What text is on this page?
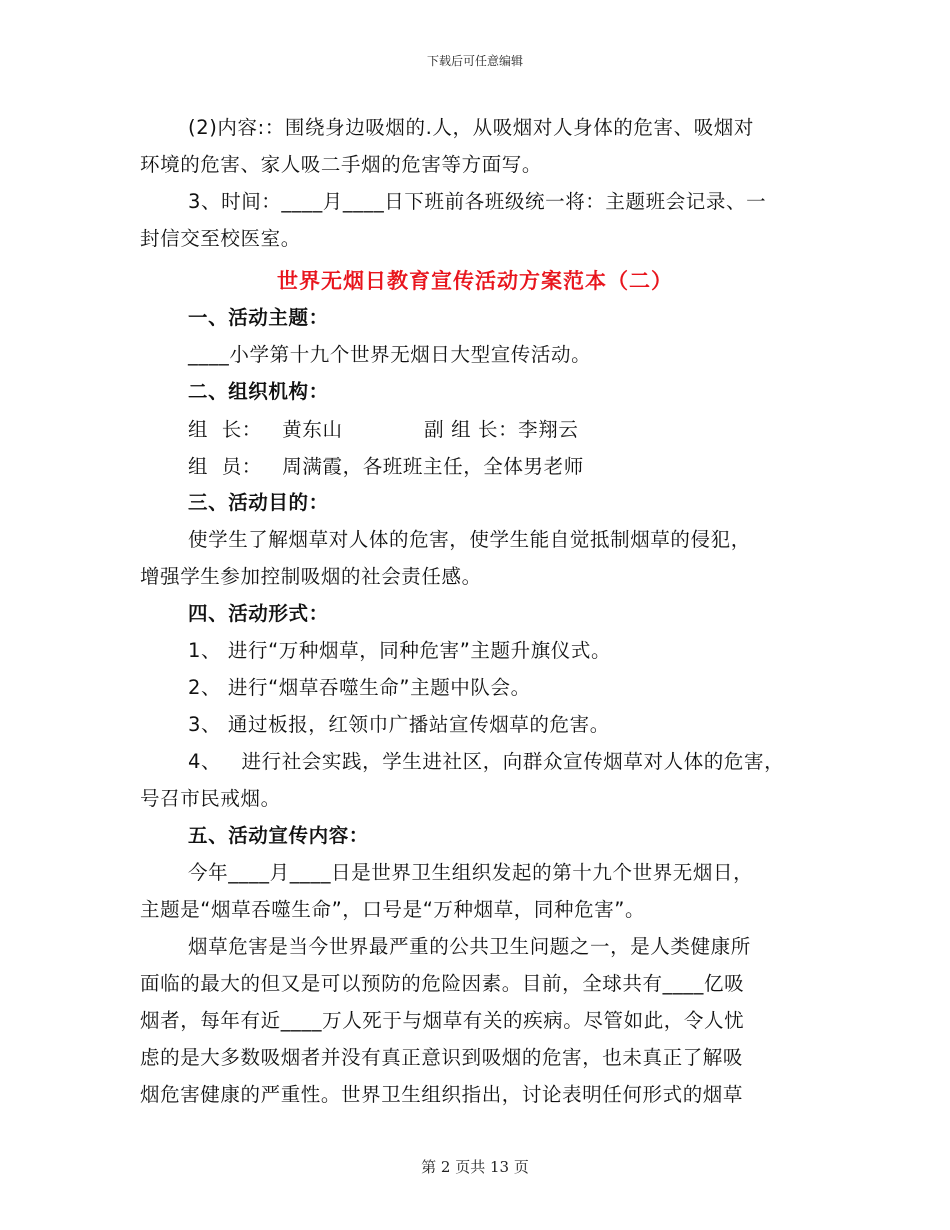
下载后可任意编辑
(2)内容:：围绕身边吸烟的.人，从吸烟对人身体的危害、吸烟对
环境的危害、家人吸二手烟的危害等方面写。
3、时间：____月____日下班前各班级统一将：主题班会记录、一
封信交至校医室。
世界无烟日教育宣传活动方案范本（二）
一、活动主题：
____小学第十九个世界无烟日大型宣传活动。
二、组织机构：
组  长：   黄东山            副 组 长：李翔云
组  员：   周满霞，各班班主任，全体男老师
三、活动目的：
使学生了解烟草对人体的危害，使学生能自觉抵制烟草的侵犯，
增强学生参加控制吸烟的社会责任感。
四、活动形式：
1、 进行“万种烟草，同种危害”主题升旗仪式。
2、 进行“烟草吞噬生命”主题中队会。
3、 通过板报，红领巾广播站宣传烟草的危害。
4、   进行社会实践，学生进社区，向群众宣传烟草对人体的危害，
号召市民戒烟。
五、活动宣传内容：
今年____月____日是世界卫生组织发起的第十九个世界无烟日，
主题是“烟草吞噬生命”，口号是“万种烟草，同种危害”。
烟草危害是当今世界最严重的公共卫生问题之一，是人类健康所
面临的最大的但又是可以预防的危险因素。目前，全球共有____亿吸
烟者，每年有近____万人死于与烟草有关的疾病。尽管如此，令人忧
虑的是大多数吸烟者并没有真正意识到吸烟的危害，也未真正了解吸
烟危害健康的严重性。世界卫生组织指出，讨论表明任何形式的烟草
第 2 页共 13 页
